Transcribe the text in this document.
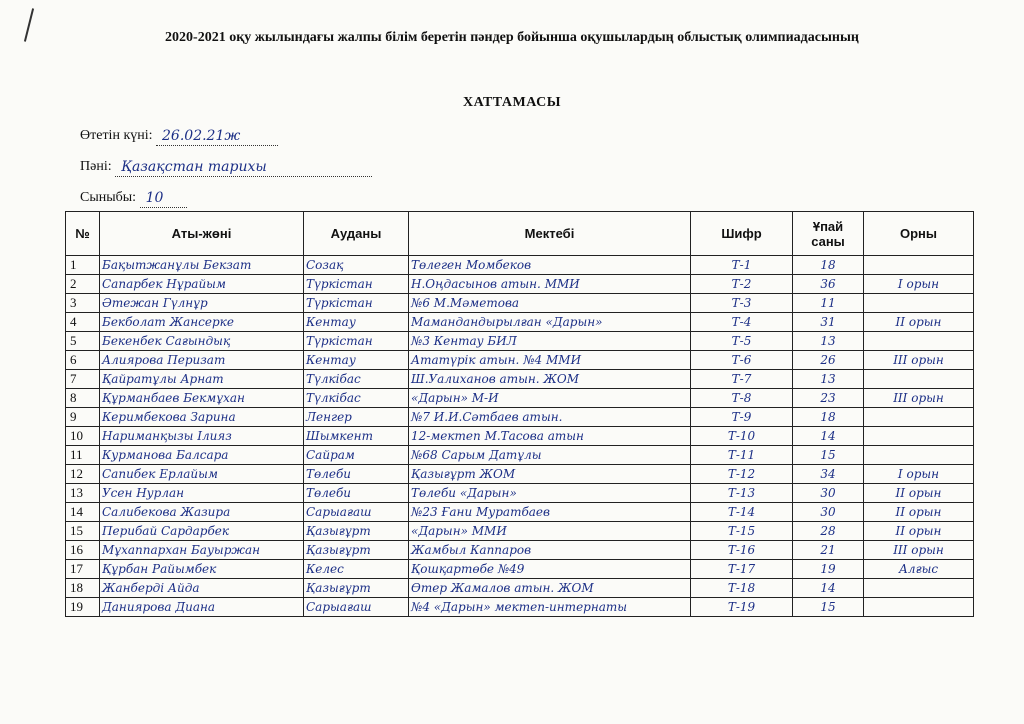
2020-2021 оқу жылындағы жалпы білім беретін пәндер бойынша оқушылардың облыстық олимпиадасының
ХАТТАМАСЫ
Өтетін күні: 26.02.21ж
Пәні: Қазақстан тарихы
Сыныбы: 10
№	Аты-жөні	Ауданы	Мектебі	Шифр	Ұпай саны	Орны
1	Бақытжанұлы Бекзат	Созақ	Төлеген Момбеков	Т-1	18	
2	Сапарбек Нұрайым	Түркістан	Н.Оңдасынов атын. ММИ	Т-2	36	I орын
3	Әтежан Гүлнұр	Түркістан	№6 М.Мәметова	Т-3	11	
4	Бекболат Жансерке	Кентау	Мамандандырылған «Дарын»	Т-4	31	II орын
5	Бекенбек Сағындық	Түркістан	№3 Кентау БИЛ	Т-5	13	
6	Алиярова Перизат	Кентау	Ататүрік атын. №4 ММИ	Т-6	26	III орын
7	Қайратұлы Арнат	Түлкібас	Ш.Уалиханов атын. ЖОМ	Т-7	13	
8	Құрманбаев Бекмұхан	Түлкібас	«Дарын» М-И	Т-8	23	III орын
9	Керимбекова Зарина	Ленгер	№7 И.И.Сәтбаев атын.	Т-9	18	
10	Нариманқызы Ілияз	Шымкент	12-мектеп М.Тасова атын	Т-10	14	
11	Курманова Балсара	Сайрам	№68 Сарым Датұлы	Т-11	15	
12	Сапибек Ерлайым	Төлеби	Қазығұрт ЖОМ	Т-12	34	I орын
13	Усен Нурлан	Төлеби	Төлеби «Дарын»	Т-13	30	II орын
14	Салибекова Жазира	Сарыағаш	№23 Ғани Муратбаев	Т-14	30	II орын
15	Перибай Сардарбек	Қазығұрт	«Дарын» ММИ	Т-15	28	II орын
16	Мұхаппархан Бауыржан	Қазығұрт	Жамбыл Каппаров	Т-16	21	III орын
17	Құрбан Райымбек	Келес	Қошқартөбе №49	Т-17	19	Алғыс
18	Жанберді Айда	Қазығұрт	Өтер Жамалов атын. ЖОМ	Т-18	14	
19	Даниярова Диана	Сарыағаш	№4 «Дарын» мектеп-интернаты	Т-19	15	
